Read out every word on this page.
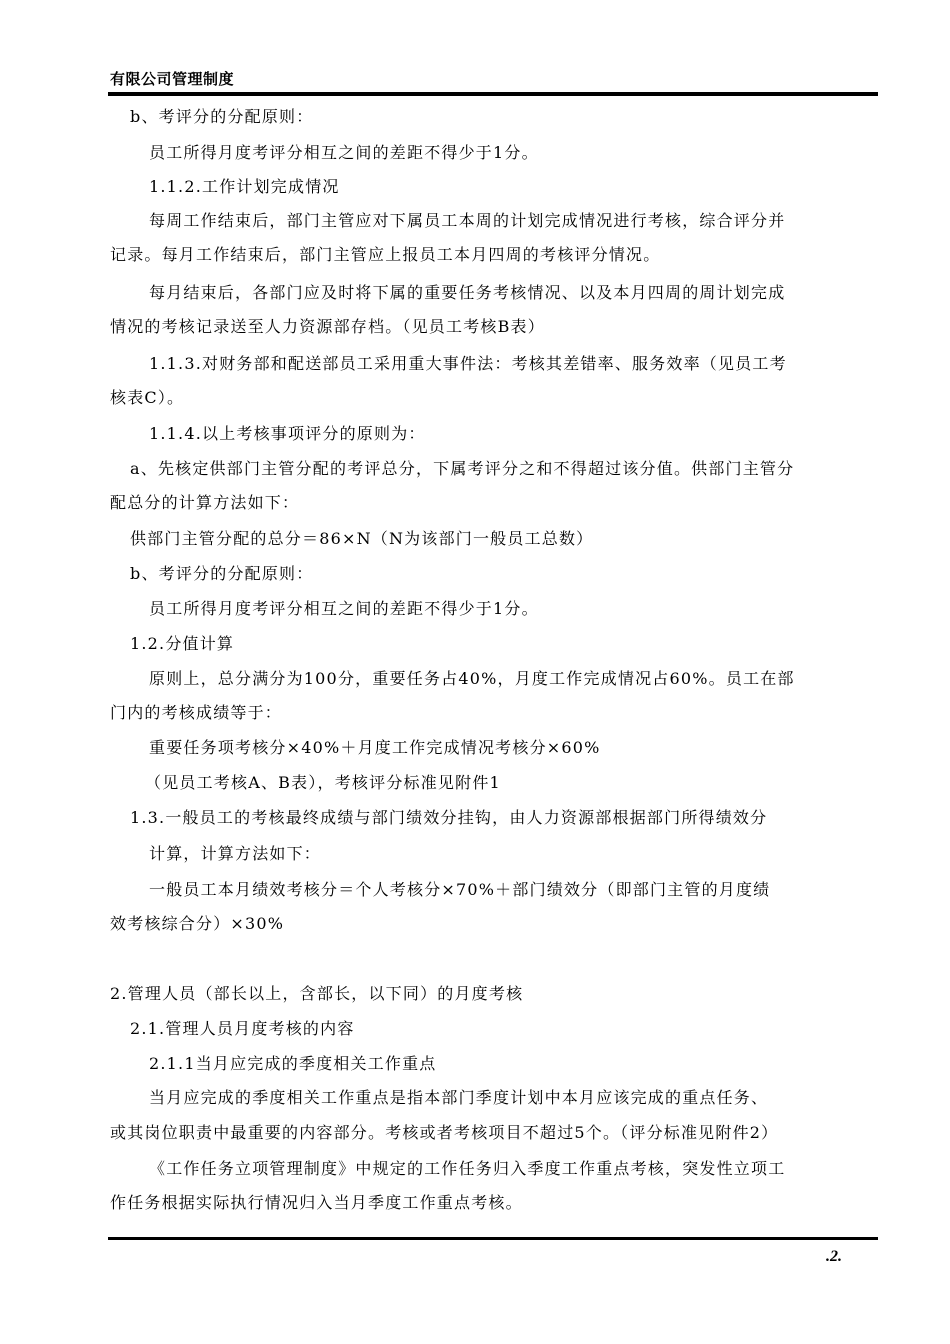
有限公司管理制度
b、考评分的分配原则：
员工所得月度考评分相互之间的差距不得少于1分。
1.1.2.工作计划完成情况
每周工作结束后，部门主管应对下属员工本周的计划完成情况进行考核，综合评分并
记录。每月工作结束后，部门主管应上报员工本月四周的考核评分情况。
每月结束后，各部门应及时将下属的重要任务考核情况、以及本月四周的周计划完成
情况的考核记录送至人力资源部存档。（见员工考核B表）
1.1.3.对财务部和配送部员工采用重大事件法：考核其差错率、服务效率（见员工考
核表C）。
1.1.4.以上考核事项评分的原则为：
a、先核定供部门主管分配的考评总分，下属考评分之和不得超过该分值。供部门主管分
配总分的计算方法如下：
供部门主管分配的总分＝86×N（N为该部门一般员工总数）
b、考评分的分配原则：
员工所得月度考评分相互之间的差距不得少于1分。
1.2.分值计算
原则上，总分满分为100分，重要任务占40%，月度工作完成情况占60%。员工在部
门内的考核成绩等于：
重要任务项考核分×40%＋月度工作完成情况考核分×60%
（见员工考核A、B表），考核评分标准见附件1
1.3.一般员工的考核最终成绩与部门绩效分挂钩，由人力资源部根据部门所得绩效分
计算，计算方法如下：
一般员工本月绩效考核分＝个人考核分×70%＋部门绩效分（即部门主管的月度绩
效考核综合分）×30%
2.管理人员（部长以上，含部长，以下同）的月度考核
2.1.管理人员月度考核的内容
2.1.1当月应完成的季度相关工作重点
当月应完成的季度相关工作重点是指本部门季度计划中本月应该完成的重点任务、
或其岗位职责中最重要的内容部分。考核或者考核项目不超过5个。（评分标准见附件2）
《工作任务立项管理制度》中规定的工作任务归入季度工作重点考核，突发性立项工
作任务根据实际执行情况归入当月季度工作重点考核。
.2.
